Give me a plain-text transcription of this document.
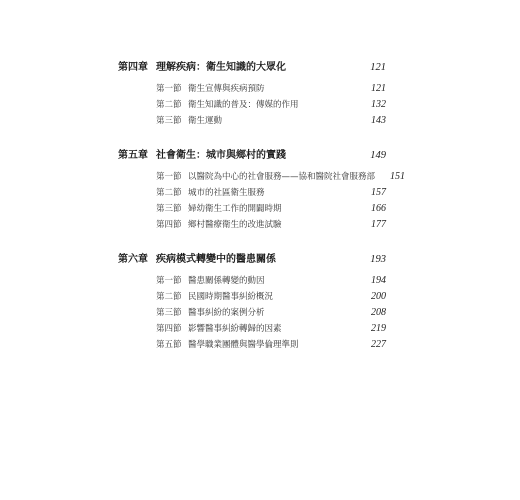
第四章 理解疾病：衛生知識的大眾化	121
第一節 衛生宣傳與疾病預防	121
第二節 衛生知識的普及：傳媒的作用	132
第三節 衛生運動	143
第五章 社會衛生：城市與鄉村的實踐	149
第一節 以醫院為中心的社會服務——協和醫院社會服務部	151
第二節 城市的社區衛生服務	157
第三節 婦幼衛生工作的開闢時期	166
第四節 鄉村醫療衛生的改進試驗	177
第六章 疾病模式轉變中的醫患關係	193
第一節 醫患關係轉變的動因	194
第二節 民國時期醫事糾紛概況	200
第三節 醫事糾紛的案例分析	208
第四節 影響醫事糾紛轉歸的因素	219
第五節 醫學職業團體與醫學倫理準則	227
